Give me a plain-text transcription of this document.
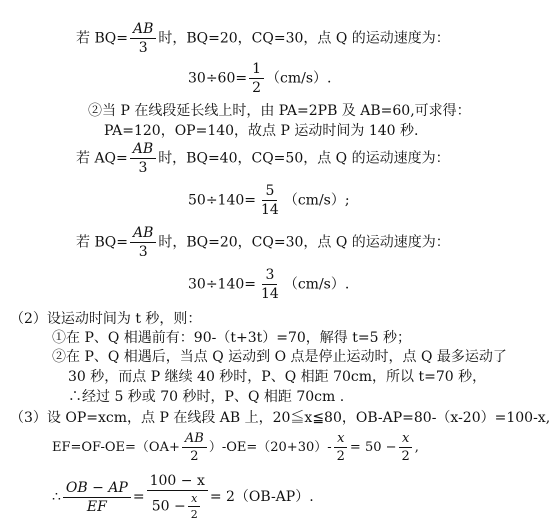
若 $BQ= \frac{AB}{3}$ 时，BQ=20，CQ=30，点 Q 的运动速度为：
$30\div 60= \frac{1}{2} (cm/s)$.
②当 P 在线段延长线上时，由 PA=2PB 及 AB=60,可求得：
PA=120，OP=140，故点 P 运动时间为 140 秒.
若 $AQ= \frac{AB}{3}$ 时，BQ=40，CQ=50，点 Q 的运动速度为：
$50\div 140= \frac{5}{14} (cm/s)$;
若 $BQ= \frac{AB}{3}$ 时，BQ=20，CQ=30，点 Q 的运动速度为：
$30\div 140= \frac{3}{14} (cm/s)$.
（2）设运动时间为 t 秒，则：
①在 P、Q 相遇前有：90-（t+3t）=70，解得 t=5 秒；
②在 P、Q 相遇后，当点 Q 运动到 O 点是停止运动时，点 Q 最多运动了
30 秒，而点 P 继续 40 秒时，P、Q 相距 70cm，所以 t=70 秒，
∴经过 5 秒或 70 秒时，P、Q 相距 70cm .
（3）设 OP=xcm，点 P 在线段 AB 上，20≦x≦80，OB-AP=80-（x-20）=100-x,
$EF=OF-OE=(OA+ \frac{AB}{2} )-OE=(20+30)- \frac{x}{2} = 50 - \frac{x}{2}$ ,
∴ $\frac{OB - AP}{EF} = \frac{100 - x}{50 - \frac{x}{2}} = 2(OB-AP)$.
